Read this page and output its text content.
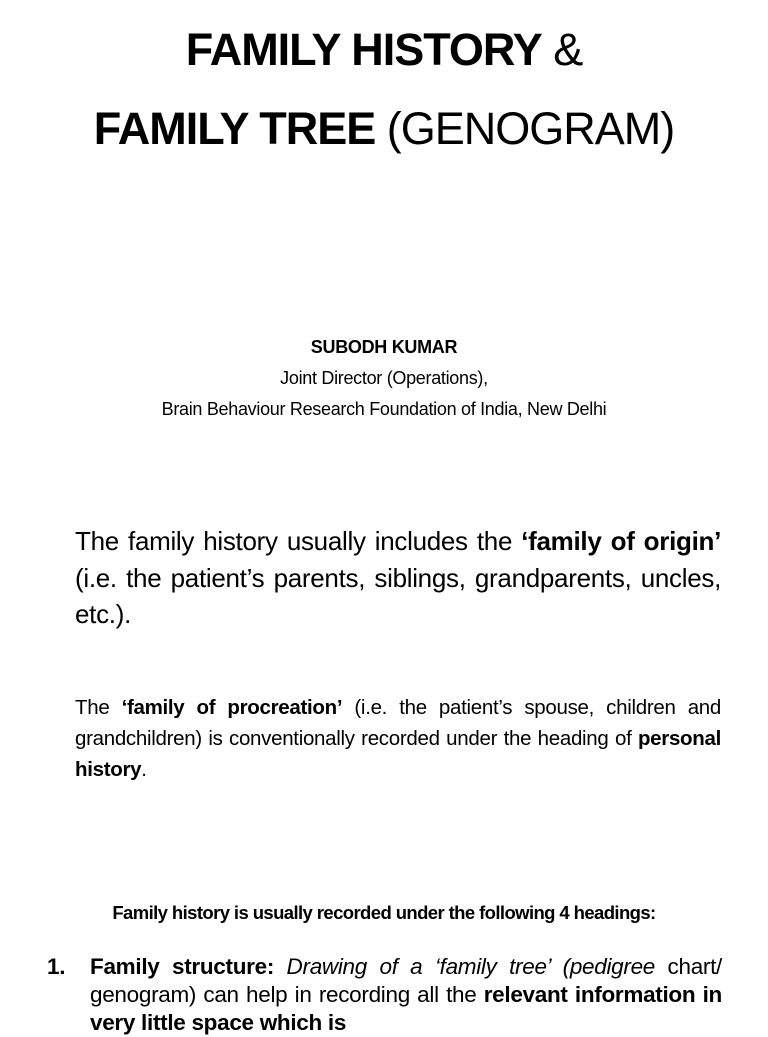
FAMILY HISTORY &
FAMILY TREE (GENOGRAM)
SUBODH KUMAR
Joint Director (Operations),
Brain Behaviour Research Foundation of India, New Delhi
The family history usually includes the ‘family of origin’ (i.e. the patient’s parents, siblings, grandparents, uncles, etc.).
The ‘family of procreation’ (i.e. the patient’s spouse, children and grandchildren) is conventionally recorded under the heading of personal history.
Family history is usually recorded under the following 4 headings:
1. Family structure: Drawing of a ‘family tree’ (pedigree chart/ genogram) can help in recording all the relevant information in very little space which is
